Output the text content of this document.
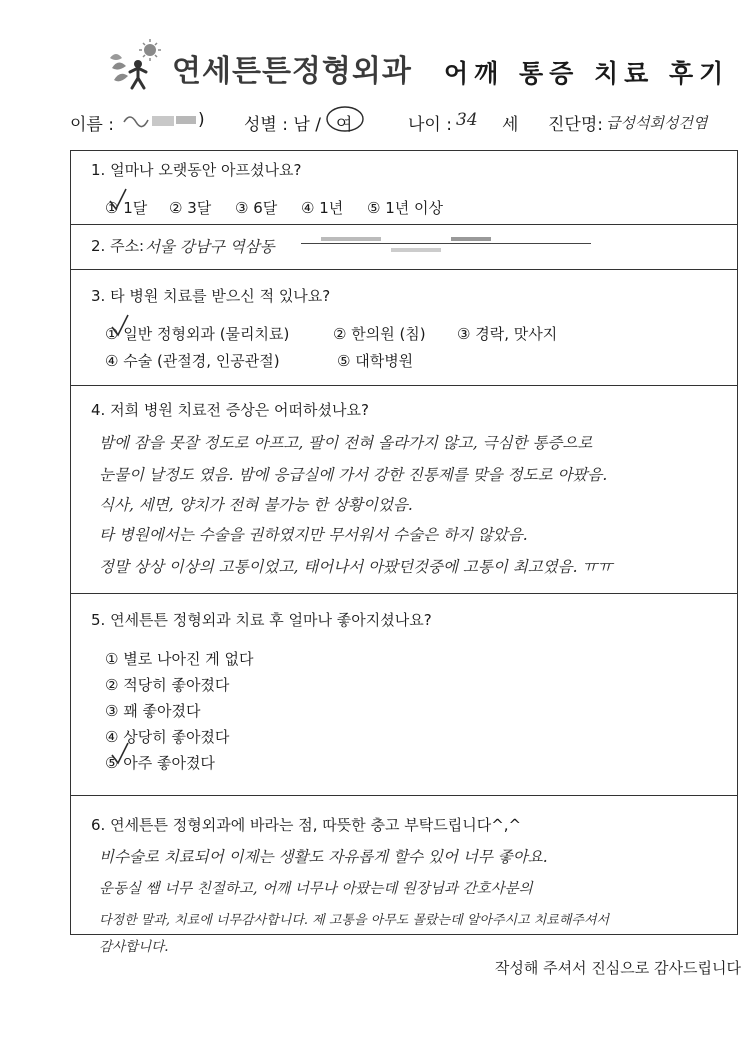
연세튼튼정형외과 어깨 통증 치료 후기
이름 :	) 성별 : 남 / 여	나이 : 34 세 진단명: 급성석회성건염
1. 얼마나 오랫동안 아프셨나요?
① 1달 ② 3달 ③ 6달 ④ 1년 ⑤ 1년 이상
2. 주소: 서울 강남구 역삼동
3. 타 병원 치료를 받으신 적 있나요?
① 일반 정형외과 (물리치료)	② 한의원 (침) ③ 경락, 맛사지
④ 수술 (관절경, 인공관절)	⑤ 대학병원
4. 저희 병원 치료전 증상은 어떠하셨나요?
밤에 잠을 못잘 정도로 아프고, 팔이 전혀 올라가지 않고, 극심한 통증으로
눈물이 날정도 였음. 밤에 응급실에 가서 강한 진통제를 맞을 정도로 아팠음.
식사, 세면, 양치가 전혀 불가능 한 상황이었음.
타 병원에서는 수술을 권하였지만 무서워서 수술은 하지 않았음.
정말 상상 이상의 고통이었고, 태어나서 아팠던것중에 고통이 최고였음. ㅠㅠ
5. 연세튼튼 정형외과 치료 후 얼마나 좋아지셨나요?
① 별로 나아진 게 없다
② 적당히 좋아졌다
③ 꽤 좋아졌다
④ 상당히 좋아졌다
⑤ 아주 좋아졌다
6. 연세튼튼 정형외과에 바라는 점, 따뜻한 충고 부탁드립니다^,^
비수술로 치료되어 이제는 생활도 자유롭게 할수 있어 너무 좋아요.
운동실 쌤 너무 친절하고, 어깨 너무나 아팠는데 원장님과 간호사분의
다정한 말과, 치료에 너무감사합니다. 제 고통을 아무도 몰랐는데 알아주시고 치료해주셔서
감사합니다.
작성해 주셔서 진심으로 감사드립니다
